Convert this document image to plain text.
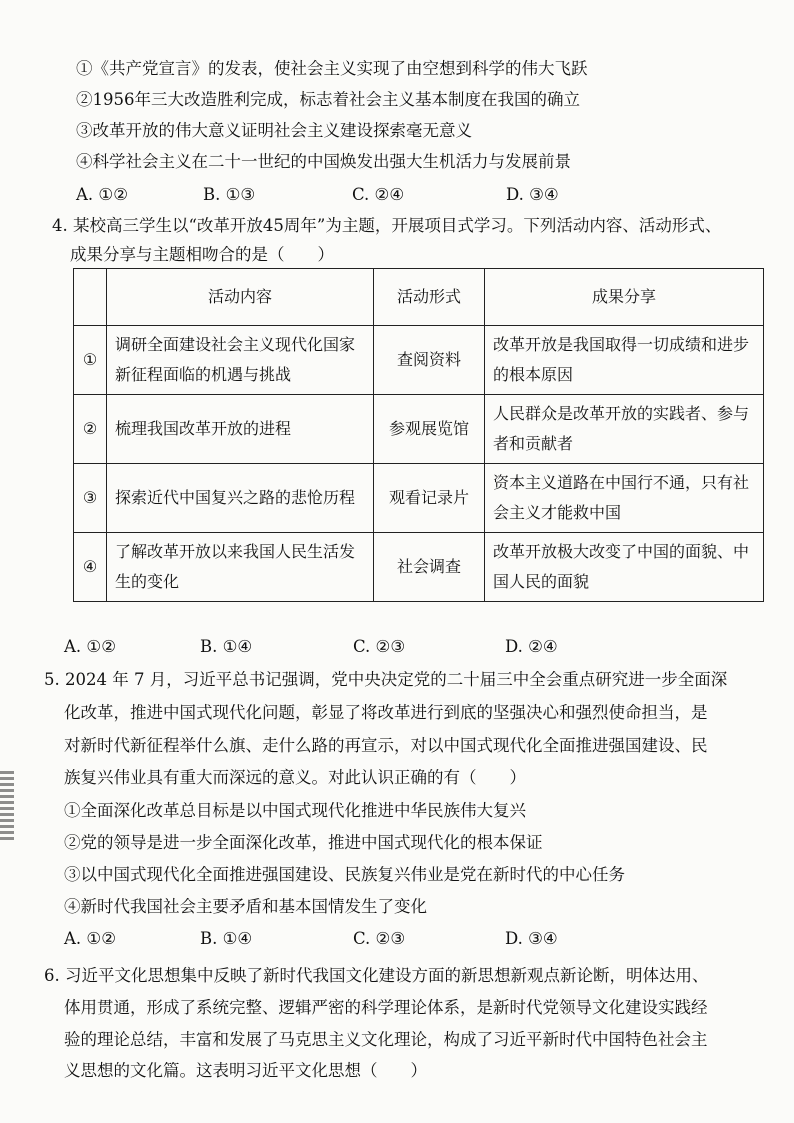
①《共产党宣言》的发表，使社会主义实现了由空想到科学的伟大飞跃
②1956年三大改造胜利完成，标志着社会主义基本制度在我国的确立
③改革开放的伟大意义证明社会主义建设探索毫无意义
④科学社会主义在二十一世纪的中国焕发出强大生机活力与发展前景
A. ①②	B. ①③	C. ②④	D. ③④
4. 某校高三学生以“改革开放45周年”为主题，开展项目式学习。下列活动内容、活动形式、
成果分享与主题相吻合的是（　　）
	活动内容	活动形式	成果分享
①	调研全面建设社会主义现代化国家新征程面临的机遇与挑战	查阅资料	改革开放是我国取得一切成绩和进步的根本原因
②	梳理我国改革开放的进程	参观展览馆	人民群众是改革开放的实践者、参与者和贡献者
③	探索近代中国复兴之路的悲怆历程	观看记录片	资本主义道路在中国行不通，只有社会主义才能救中国
④	了解改革开放以来我国人民生活发生的变化	社会调查	改革开放极大改变了中国的面貌、中国人民的面貌
A. ①②	B. ①④	C. ②③	D. ②④
5. 2024 年 7 月，习近平总书记强调，党中央决定党的二十届三中全会重点研究进一步全面深
化改革，推进中国式现代化问题，彰显了将改革进行到底的坚强决心和强烈使命担当，是
对新时代新征程举什么旗、走什么路的再宣示，对以中国式现代化全面推进强国建设、民
族复兴伟业具有重大而深远的意义。对此认识正确的有（　　）
①全面深化改革总目标是以中国式现代化推进中华民族伟大复兴
②党的领导是进一步全面深化改革，推进中国式现代化的根本保证
③以中国式现代化全面推进强国建设、民族复兴伟业是党在新时代的中心任务
④新时代我国社会主要矛盾和基本国情发生了变化
A. ①②	B. ①④	C. ②③	D. ③④
6. 习近平文化思想集中反映了新时代我国文化建设方面的新思想新观点新论断，明体达用、
体用贯通，形成了系统完整、逻辑严密的科学理论体系，是新时代党领导文化建设实践经
验的理论总结，丰富和发展了马克思主义文化理论，构成了习近平新时代中国特色社会主
义思想的文化篇。这表明习近平文化思想（　　）
